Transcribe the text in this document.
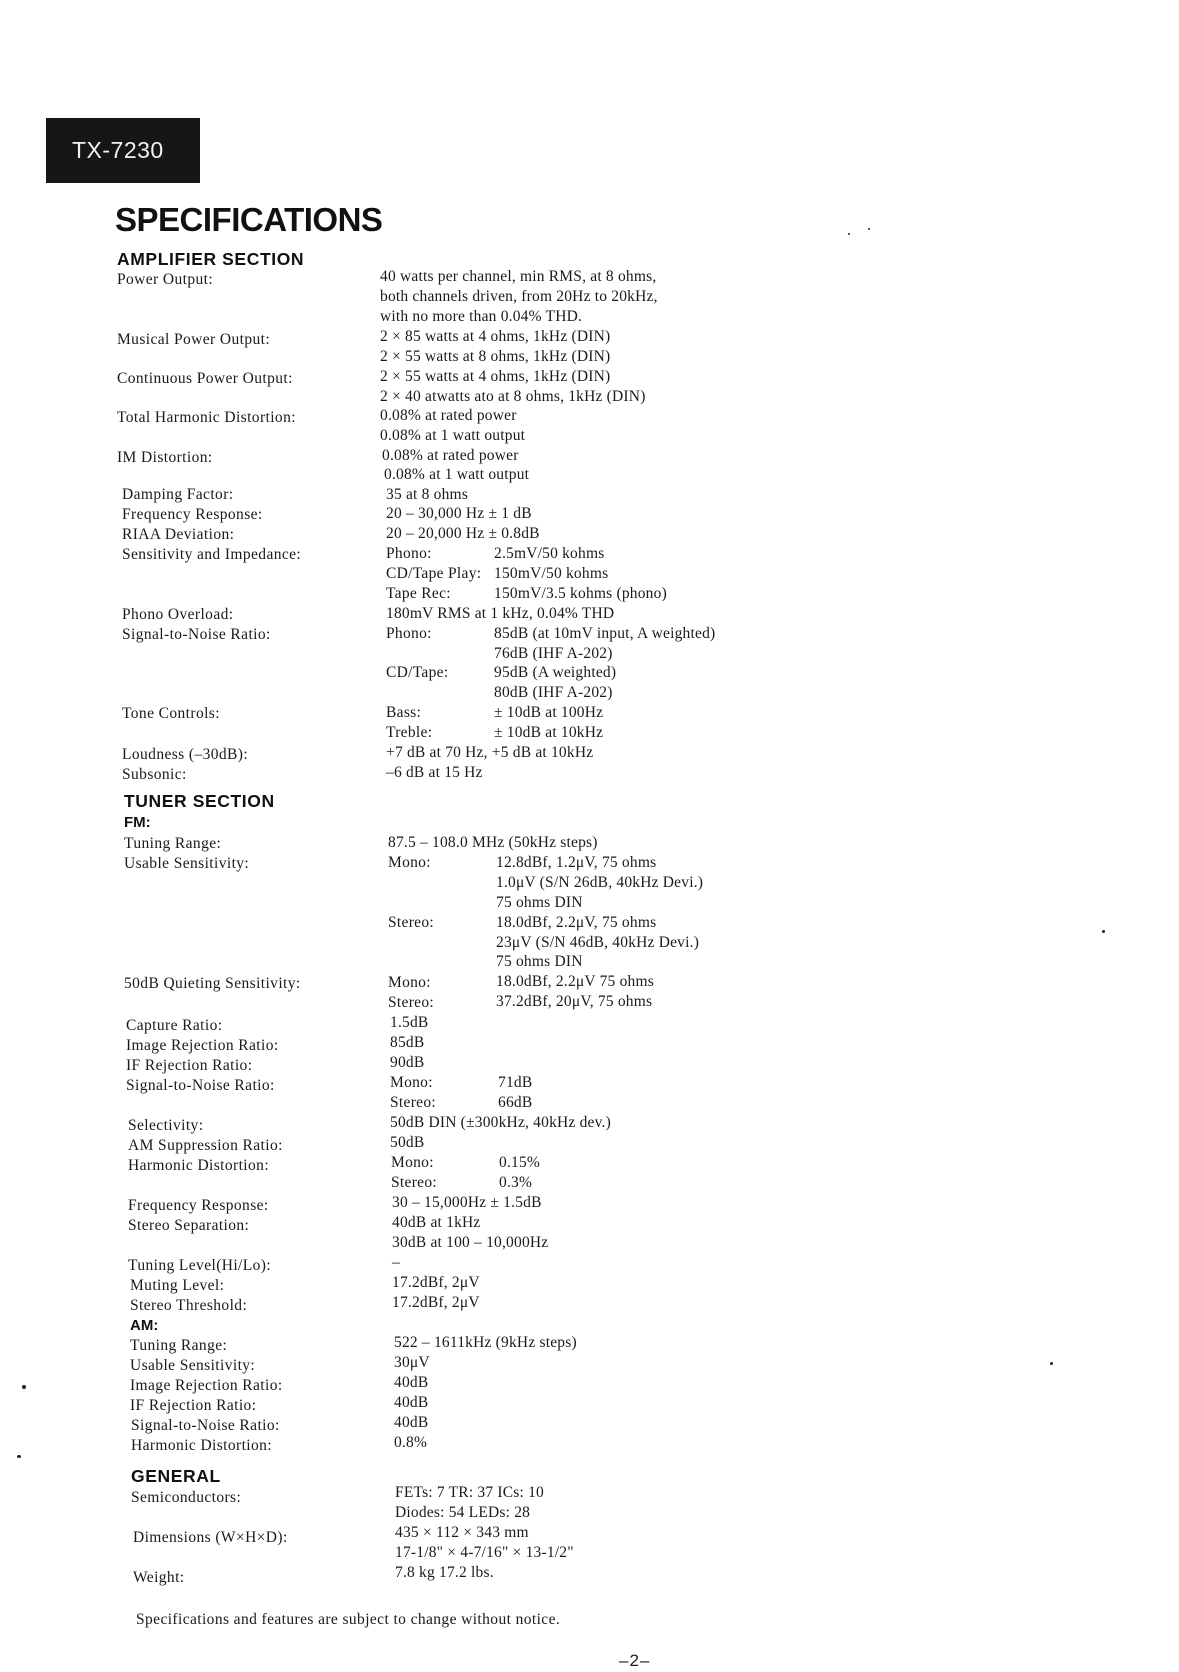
TX-7230
SPECIFICATIONS
AMPLIFIER SECTION
Power Output:	40 watts per channel, min RMS, at 8 ohms,
both channels driven, from 20Hz to 20kHz,
with no more than 0.04% THD.
Musical Power Output:	2 × 85 watts at 4 ohms, 1kHz (DIN)
2 × 55 watts at 8 ohms, 1kHz (DIN)
Continuous Power Output:	2 × 55 watts at 4 ohms, 1kHz (DIN)
2 × 40 atwatts ato at 8 ohms, 1kHz (DIN)
Total Harmonic Distortion:	0.08% at rated power
0.08% at 1 watt output
IM Distortion:	0.08% at rated power
0.08% at 1 watt output
Damping Factor:	35 at 8 ohms
Frequency Response:	20 – 30,000 Hz ± 1 dB
RIAA Deviation:	20 – 20,000 Hz ± 0.8dB
Sensitivity and Impedance:	Phono:	2.5mV/50 kohms
CD/Tape Play: 150mV/50 kohms
Tape Rec:	150mV/3.5 kohms (phono)
Phono Overload:	180mV RMS at 1 kHz, 0.04% THD
Signal-to-Noise Ratio:	Phono:	85dB (at 10mV input, A weighted)
76dB (IHF A-202)
CD/Tape:	95dB (A weighted)
80dB (IHF A-202)
Tone Controls:	Bass:	± 10dB at 100Hz
Treble:	± 10dB at 10kHz
Loudness (–30dB):	+7 dB at 70 Hz, +5 dB at 10kHz
Subsonic:	–6 dB at 15 Hz
TUNER SECTION
FM:
Tuning Range:	87.5 – 108.0 MHz (50kHz steps)
Usable Sensitivity:	Mono:	12.8dBf, 1.2μV, 75 ohms
1.0μV (S/N 26dB, 40kHz Devi.)
75 ohms DIN
Stereo:	18.0dBf, 2.2μV, 75 ohms
23μV (S/N 46dB, 40kHz Devi.)
75 ohms DIN
50dB Quieting Sensitivity:	Mono:	18.0dBf, 2.2μV 75 ohms
Stereo:	37.2dBf, 20μV, 75 ohms
Capture Ratio:	1.5dB
Image Rejection Ratio:	85dB
IF Rejection Ratio:	90dB
Signal-to-Noise Ratio:	Mono:	71dB
Stereo:	66dB
Selectivity:	50dB DIN (±300kHz, 40kHz dev.)
AM Suppression Ratio:	50dB
Harmonic Distortion:	Mono:	0.15%
Stereo:	0.3%
Frequency Response:	30 – 15,000Hz ± 1.5dB
Stereo Separation:	40dB at 1kHz
30dB at 100 – 10,000Hz
Tuning Level(Hi/Lo):	–
Muting Level:	17.2dBf, 2μV
Stereo Threshold:	17.2dBf, 2μV
AM:
Tuning Range:	522 – 1611kHz (9kHz steps)
Usable Sensitivity:	30μV
Image Rejection Ratio:	40dB
IF Rejection Ratio:	40dB
Signal-to-Noise Ratio:	40dB
Harmonic Distortion:	0.8%
GENERAL
Semiconductors:	FETs: 7 TR: 37 ICs: 10
Diodes: 54 LEDs: 28
Dimensions (W×H×D):	435 × 112 × 343 mm
17-1/8" × 4-7/16" × 13-1/2"
Weight:	7.8 kg 17.2 lbs.
Specifications and features are subject to change without notice.
–2–
